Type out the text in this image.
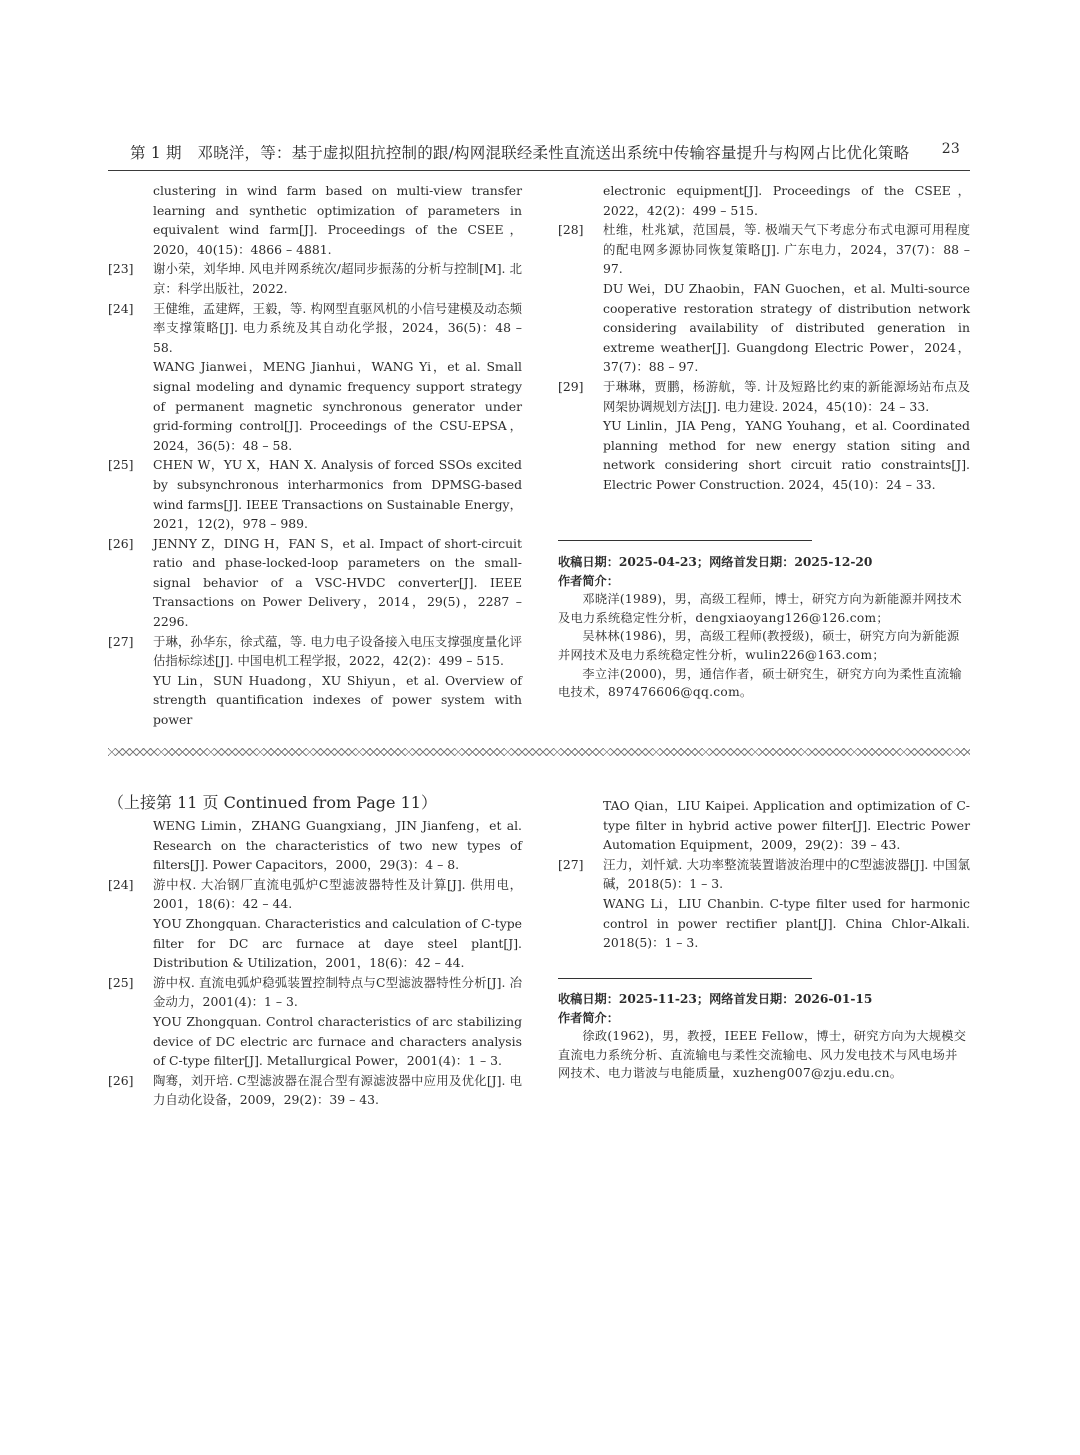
第 1 期　邓晓洋，等：基于虚拟阻抗控制的跟/构网混联经柔性直流送出系统中传输容量提升与构网占比优化策略 23
clustering in wind farm based on multi-view transfer learning and synthetic optimization of parameters in equivalent wind farm[J]. Proceedings of the CSEE，2020，40(15)：4866 – 4881.
[23] 谢小荣，刘华坤. 风电并网系统次/超同步振荡的分析与控制[M]. 北京：科学出版社，2022.
[24] 王健维，孟建辉，王毅，等. 构网型直驱风机的小信号建模及动态频率支撑策略[J]. 电力系统及其自动化学报，2024，36(5)：48 – 58.
WANG Jianwei，MENG Jianhui，WANG Yi，et al. Small signal modeling and dynamic frequency support strategy of permanent magnetic synchronous generator under grid-forming control[J]. Proceedings of the CSU-EPSA，2024，36(5)：48 – 58.
[25] CHEN W，YU X，HAN X. Analysis of forced SSOs excited by subsynchronous interharmonics from DPMSG-based wind farms[J]. IEEE Transactions on Sustainable Energy，2021，12(2)，978 – 989.
[26] JENNY Z，DING H，FAN S，et al. Impact of short-circuit ratio and phase-locked-loop parameters on the small-signal behavior of a VSC-HVDC converter[J]. IEEE Transactions on Power Delivery，2014，29(5)，2287 – 2296.
[27] 于琳，孙华东，徐式蕴，等. 电力电子设备接入电压支撑强度量化评估指标综述[J]. 中国电机工程学报，2022，42(2)：499 – 515.
YU Lin，SUN Huadong，XU Shiyun，et al. Overview of strength quantification indexes of power system with power
electronic equipment[J]. Proceedings of the CSEE，2022，42(2)：499 – 515.
[28] 杜维，杜兆斌，范国晨，等. 极端天气下考虑分布式电源可用程度的配电网多源协同恢复策略[J]. 广东电力，2024，37(7)：88 – 97.
DU Wei，DU Zhaobin，FAN Guochen，et al. Multi-source cooperative restoration strategy of distribution network considering availability of distributed generation in extreme weather[J]. Guangdong Electric Power，2024，37(7)：88 – 97.
[29] 于琳琳，贾鹏，杨游航，等. 计及短路比约束的新能源场站布点及网架协调规划方法[J]. 电力建设. 2024，45(10)：24 – 33.
YU Linlin，JIA Peng，YANG Youhang，et al. Coordinated planning method for new energy station siting and network considering short circuit ratio constraints[J]. Electric Power Construction. 2024，45(10)：24 – 33.
收稿日期：2025-04-23；网络首发日期：2025-12-20
作者简介：
邓晓洋(1989)，男，高级工程师，博士，研究方向为新能源并网技术及电力系统稳定性分析，dengxiaoyang126@126.com；
吴林林(1986)，男，高级工程师(教授级)，硕士，研究方向为新能源并网技术及电力系统稳定性分析，wulin226@163.com；
李立沣(2000)，男，通信作者，硕士研究生，研究方向为柔性直流输电技术，897476606@qq.com。
（上接第 11 页 Continued from Page 11）
WENG Limin，ZHANG Guangxiang，JIN Jianfeng，et al. Research on the characteristics of two new types of filters[J]. Power Capacitors，2000，29(3)：4 – 8.
[24] 游中权. 大冶钢厂直流电弧炉C型滤波器特性及计算[J]. 供用电，2001，18(6)：42 – 44.
YOU Zhongquan. Characteristics and calculation of C-type filter for DC arc furnace at daye steel plant[J]. Distribution & Utilization，2001，18(6)：42 – 44.
[25] 游中权. 直流电弧炉稳弧装置控制特点与C型滤波器特性分析[J]. 冶金动力，2001(4)：1 – 3.
YOU Zhongquan. Control characteristics of arc stabilizing device of DC electric arc furnace and characters analysis of C-type filter[J]. Metallurgical Power，2001(4)：1 – 3.
[26] 陶骞，刘开培. C型滤波器在混合型有源滤波器中应用及优化[J]. 电力自动化设备，2009，29(2)：39 – 43.
TAO Qian，LIU Kaipei. Application and optimization of C-type filter in hybrid active power filter[J]. Electric Power Automation Equipment，2009，29(2)：39 – 43.
[27] 汪力，刘忏斌. 大功率整流装置谐波治理中的C型滤波器[J]. 中国氯碱，2018(5)：1 – 3.
WANG Li，LIU Chanbin. C-type filter used for harmonic control in power rectifier plant[J]. China Chlor-Alkali. 2018(5)：1 – 3.
收稿日期：2025-11-23；网络首发日期：2026-01-15
作者简介：
徐政(1962)，男，教授，IEEE Fellow，博士，研究方向为大规模交直流电力系统分析、直流输电与柔性交流输电、风力发电技术与风电场并网技术、电力谐波与电能质量，xuzheng007@zju.edu.cn。
